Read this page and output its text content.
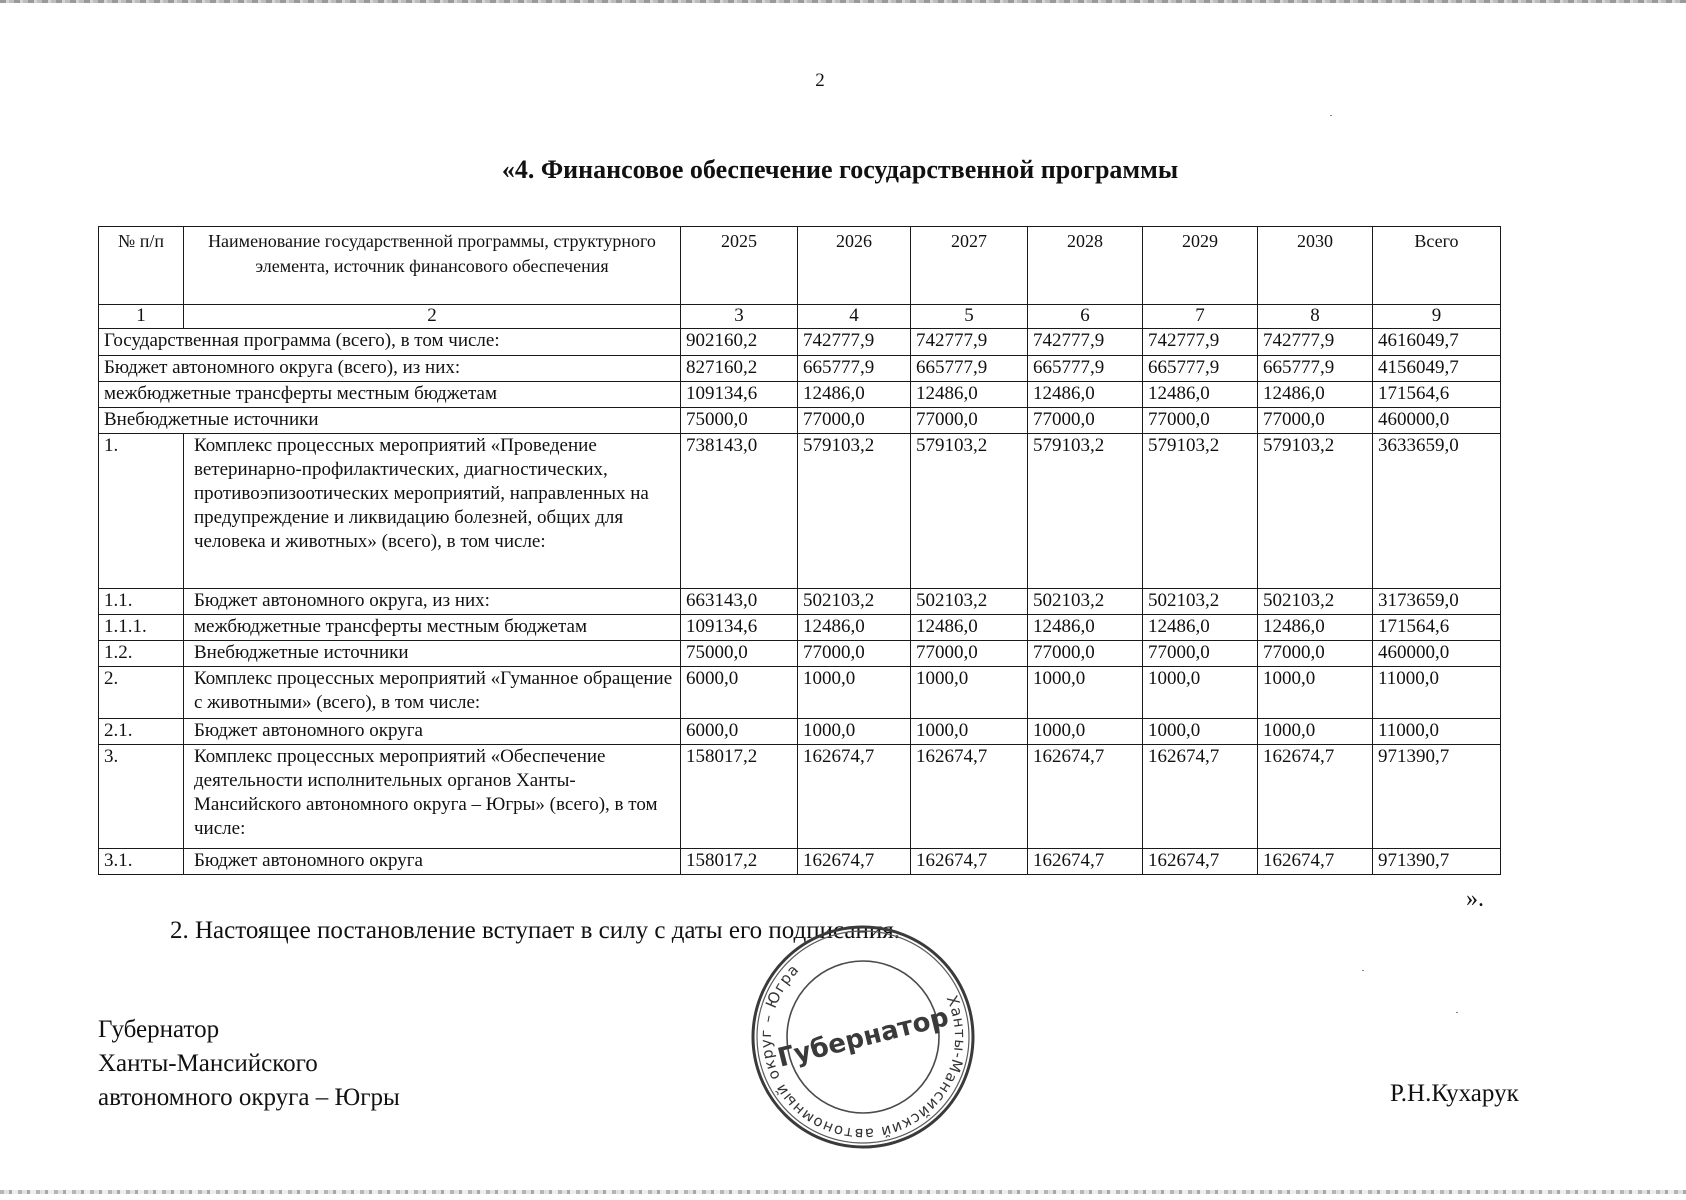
2
«4. Финансовое обеспечение государственной программы
№ п/п	Наименование государственной программы, структурного элемента, источник финансового обеспечения	2025	2026	2027	2028	2029	2030	Всего
1	2	3	4	5	6	7	8	9
Государственная программа (всего), в том числе:		902160,2	742777,9	742777,9	742777,9	742777,9	742777,9	4616049,7
Бюджет автономного округа (всего), из них:		827160,2	665777,9	665777,9	665777,9	665777,9	665777,9	4156049,7
межбюджетные трансферты местным бюджетам		109134,6	12486,0	12486,0	12486,0	12486,0	12486,0	171564,6
Внебюджетные источники		75000,0	77000,0	77000,0	77000,0	77000,0	77000,0	460000,0
1.	Комплекс процессных мероприятий «Проведение ветеринарно-профилактических, диагностических, противоэпизоотических мероприятий, направленных на предупреждение и ликвидацию болезней, общих для человека и животных» (всего), в том числе:	738143,0	579103,2	579103,2	579103,2	579103,2	579103,2	3633659,0
1.1.	Бюджет автономного округа, из них:	663143,0	502103,2	502103,2	502103,2	502103,2	502103,2	3173659,0
1.1.1.	межбюджетные трансферты местным бюджетам	109134,6	12486,0	12486,0	12486,0	12486,0	12486,0	171564,6
1.2.	Внебюджетные источники	75000,0	77000,0	77000,0	77000,0	77000,0	77000,0	460000,0
2.	Комплекс процессных мероприятий «Гуманное обращение с животными» (всего), в том числе:	6000,0	1000,0	1000,0	1000,0	1000,0	1000,0	11000,0
2.1.	Бюджет автономного округа	6000,0	1000,0	1000,0	1000,0	1000,0	1000,0	11000,0
3.	Комплекс процессных мероприятий «Обеспечение деятельности исполнительных органов Ханты-Мансийского автономного округа – Югры» (всего), в том числе:	158017,2	162674,7	162674,7	162674,7	162674,7	162674,7	971390,7
3.1.	Бюджет автономного округа	158017,2	162674,7	162674,7	162674,7	162674,7	162674,7	971390,7
».
2. Настоящее постановление вступает в силу с даты его подписания.
Ханты-Мансийский автономный округ – Югра
Губернатор
Губернатор
Ханты-Мансийского
автономного округа – Югры	Р.Н.Кухарук
